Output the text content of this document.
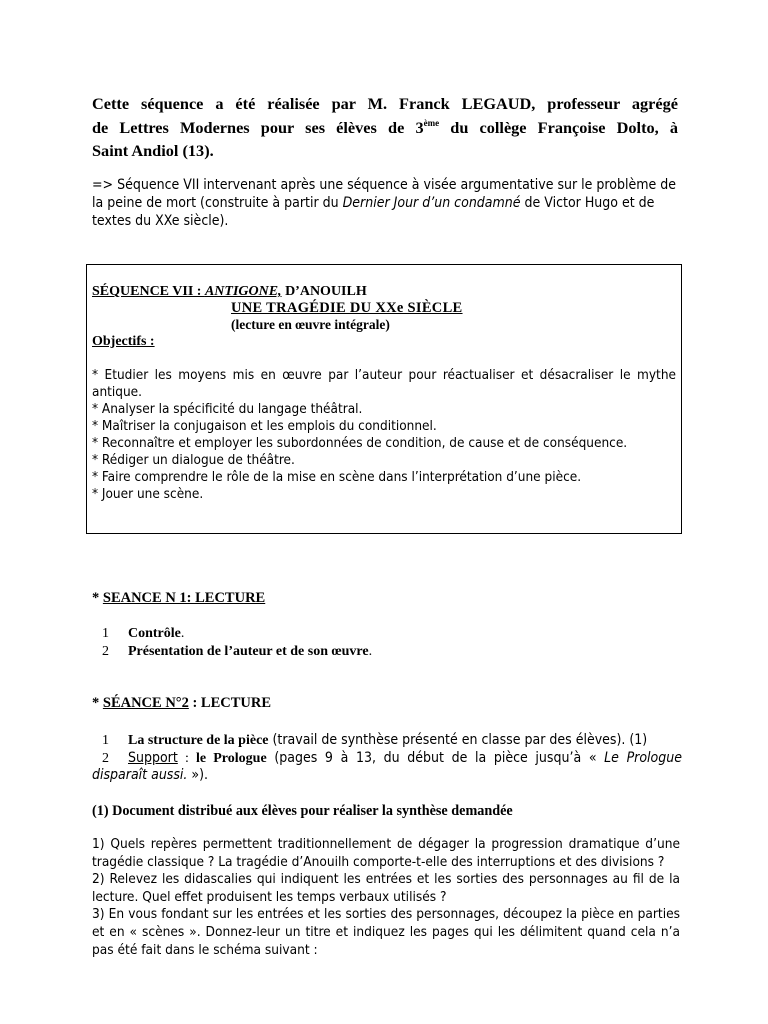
Cette séquence a été réalisée par M. Franck LEGAUD, professeur agrégé
de Lettres Modernes pour ses élèves de 3ème du collège Françoise Dolto, à
Saint Andiol (13).
=> Séquence VII intervenant après une séquence à visée argumentative sur le problème de la peine de mort (construite à partir du Dernier Jour d’un condamné de Victor Hugo et de textes du XXe siècle).
SÉQUENCE VII : ANTIGONE, D’ANOUILH
UNE TRAGÉDIE DU XXe SIÈCLE
(lecture en œuvre intégrale)
Objectifs :
* Etudier les moyens mis en œuvre par l’auteur pour réactualiser et désacraliser le mythe antique.
* Analyser la spécificité du langage théâtral.
* Maîtriser la conjugaison et les emplois du conditionnel.
* Reconnaître et employer les subordonnées de condition, de cause et de conséquence.
* Rédiger un dialogue de théâtre.
* Faire comprendre le rôle de la mise en scène dans l’interprétation d’une pièce.
* Jouer une scène.
* SEANCE N 1: LECTURE
1 Contrôle.
2 Présentation de l’auteur et de son œuvre.
* SÉANCE N°2 : LECTURE
1 La structure de la pièce (travail de synthèse présenté en classe par des élèves). (1)
2 Support : le Prologue (pages 9 à 13, du début de la pièce jusqu’à « Le Prologue disparaît aussi. »).
(1) Document distribué aux élèves pour réaliser la synthèse demandée
1) Quels repères permettent traditionnellement de dégager la progression dramatique d’une tragédie classique ? La tragédie d’Anouilh comporte-t-elle des interruptions et des divisions ?
2) Relevez les didascalies qui indiquent les entrées et les sorties des personnages au fil de la lecture. Quel effet produisent les temps verbaux utilisés ?
3) En vous fondant sur les entrées et les sorties des personnages, découpez la pièce en parties et en « scènes ». Donnez-leur un titre et indiquez les pages qui les délimitent quand cela n’a pas été fait dans le schéma suivant :
